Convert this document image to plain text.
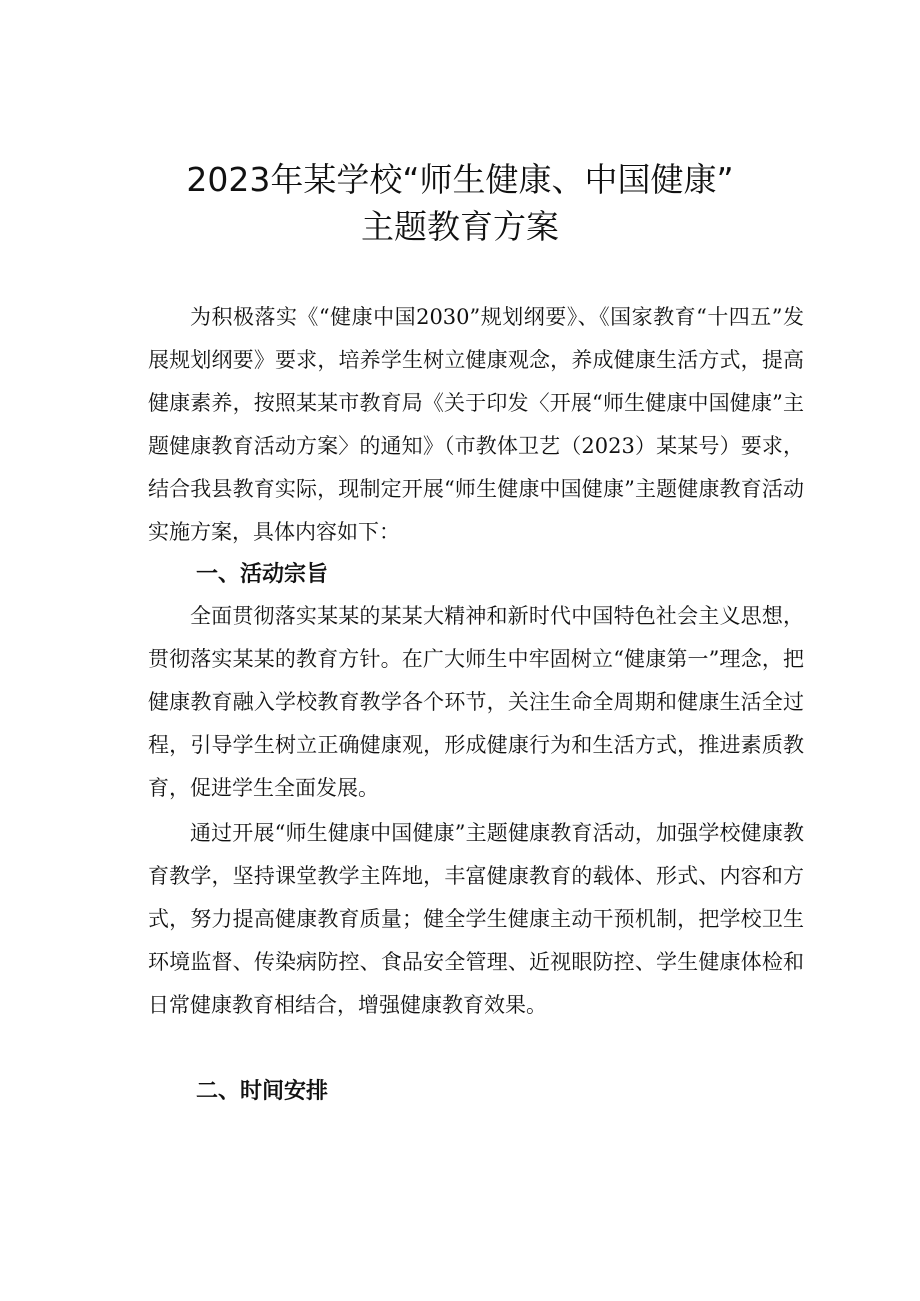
2023年某学校“师生健康、中国健康”
主题教育方案

为积极落实《“健康中国2030”规划纲要》、《国家教育“十四五”发展规划纲要》要求，培养学生树立健康观念，养成健康生活方式，提高健康素养，按照某某市教育局《关于印发〈开展“师生健康中国健康”主题健康教育活动方案〉的通知》（市教体卫艺（2023）某某号）要求，结合我县教育实际，现制定开展“师生健康中国健康”主题健康教育活动实施方案，具体内容如下：

一、活动宗旨

全面贯彻落实某某的某某大精神和新时代中国特色社会主义思想，贯彻落实某某的教育方针。在广大师生中牢固树立“健康第一”理念，把健康教育融入学校教育教学各个环节，关注生命全周期和健康生活全过程，引导学生树立正确健康观，形成健康行为和生活方式，推进素质教育，促进学生全面发展。

通过开展“师生健康中国健康”主题健康教育活动，加强学校健康教育教学，坚持课堂教学主阵地，丰富健康教育的载体、形式、内容和方式，努力提高健康教育质量；健全学生健康主动干预机制，把学校卫生环境监督、传染病防控、食品安全管理、近视眼防控、学生健康体检和日常健康教育相结合，增强健康教育效果。

二、时间安排
